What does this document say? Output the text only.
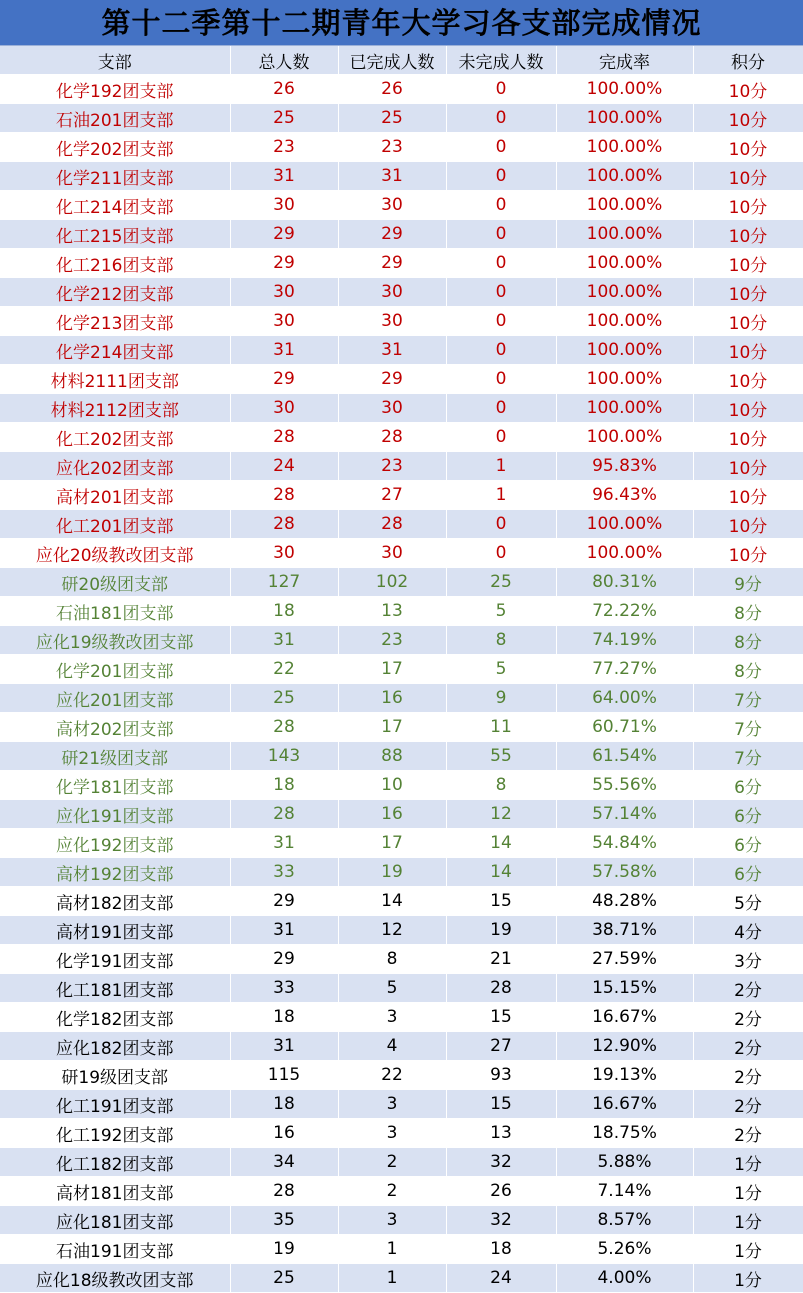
第十二季第十二期青年大学习各支部完成情况
支部	总人数	已完成人数	未完成人数	完成率	积分
化学192团支部	26	26	0	100.00%	10分
石油201团支部	25	25	0	100.00%	10分
化学202团支部	23	23	0	100.00%	10分
化学211团支部	31	31	0	100.00%	10分
化工214团支部	30	30	0	100.00%	10分
化工215团支部	29	29	0	100.00%	10分
化工216团支部	29	29	0	100.00%	10分
化学212团支部	30	30	0	100.00%	10分
化学213团支部	30	30	0	100.00%	10分
化学214团支部	31	31	0	100.00%	10分
材料2111团支部	29	29	0	100.00%	10分
材料2112团支部	30	30	0	100.00%	10分
化工202团支部	28	28	0	100.00%	10分
应化202团支部	24	23	1	95.83%	10分
高材201团支部	28	27	1	96.43%	10分
化工201团支部	28	28	0	100.00%	10分
应化20级教改团支部	30	30	0	100.00%	10分
研20级团支部	127	102	25	80.31%	9分
石油181团支部	18	13	5	72.22%	8分
应化19级教改团支部	31	23	8	74.19%	8分
化学201团支部	22	17	5	77.27%	8分
应化201团支部	25	16	9	64.00%	7分
高材202团支部	28	17	11	60.71%	7分
研21级团支部	143	88	55	61.54%	7分
化学181团支部	18	10	8	55.56%	6分
应化191团支部	28	16	12	57.14%	6分
应化192团支部	31	17	14	54.84%	6分
高材192团支部	33	19	14	57.58%	6分
高材182团支部	29	14	15	48.28%	5分
高材191团支部	31	12	19	38.71%	4分
化学191团支部	29	8	21	27.59%	3分
化工181团支部	33	5	28	15.15%	2分
化学182团支部	18	3	15	16.67%	2分
应化182团支部	31	4	27	12.90%	2分
研19级团支部	115	22	93	19.13%	2分
化工191团支部	18	3	15	16.67%	2分
化工192团支部	16	3	13	18.75%	2分
化工182团支部	34	2	32	5.88%	1分
高材181团支部	28	2	26	7.14%	1分
应化181团支部	35	3	32	8.57%	1分
石油191团支部	19	1	18	5.26%	1分
应化18级教改团支部	25	1	24	4.00%	1分
